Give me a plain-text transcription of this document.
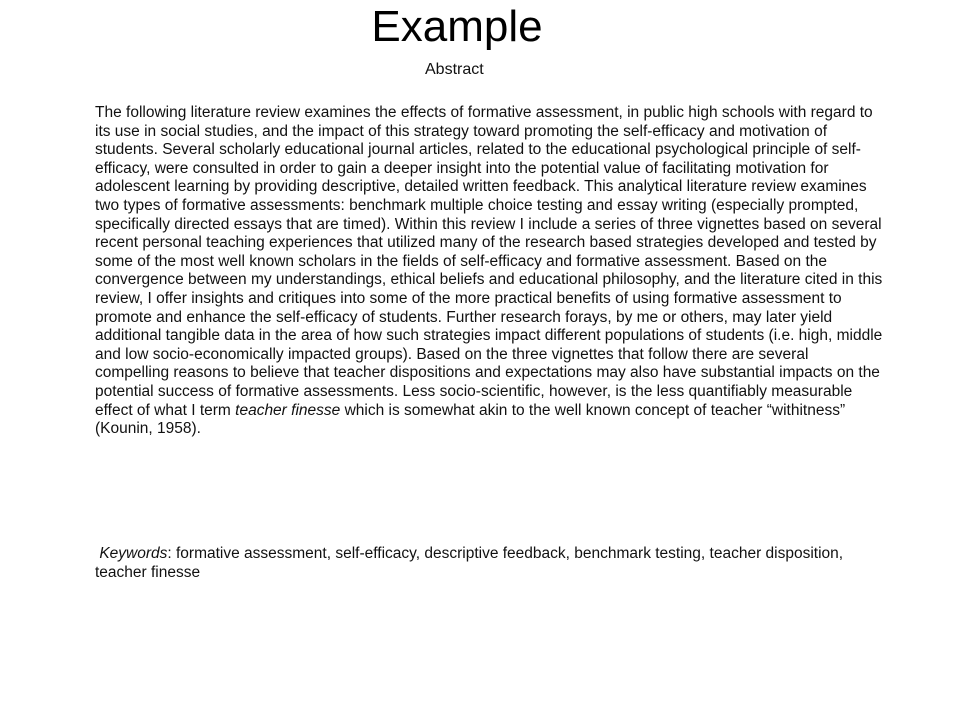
Example
Abstract

The following literature review examines the effects of formative assessment, in public high schools with regard to its use in social studies, and the impact of this strategy toward promoting the self-efficacy and motivation of students. Several scholarly educational journal articles, related to the educational psychological principle of self-efficacy, were consulted in order to gain a deeper insight into the potential value of facilitating motivation for adolescent learning by providing descriptive, detailed written feedback. This analytical literature review examines two types of formative assessments: benchmark multiple choice testing and essay writing (especially prompted, specifically directed essays that are timed). Within this review I include a series of three vignettes based on several recent personal teaching experiences that utilized many of the research based strategies developed and tested by some of the most well known scholars in the fields of self-efficacy and formative assessment. Based on the convergence between my understandings, ethical beliefs and educational philosophy, and the literature cited in this review, I offer insights and critiques into some of the more practical benefits of using formative assessment to promote and enhance the self-efficacy of students. Further research forays, by me or others, may later yield additional tangible data in the area of how such strategies impact different populations of students (i.e. high, middle and low socio-economically impacted groups). Based on the three vignettes that follow there are several compelling reasons to believe that teacher dispositions and expectations may also have substantial impacts on the potential success of formative assessments. Less socio-scientific, however, is the less quantifiably measurable effect of what I term teacher finesse which is somewhat akin to the well known concept of teacher “withitness” (Kounin, 1958).

Keywords: formative assessment, self-efficacy, descriptive feedback, benchmark testing, teacher disposition, teacher finesse
